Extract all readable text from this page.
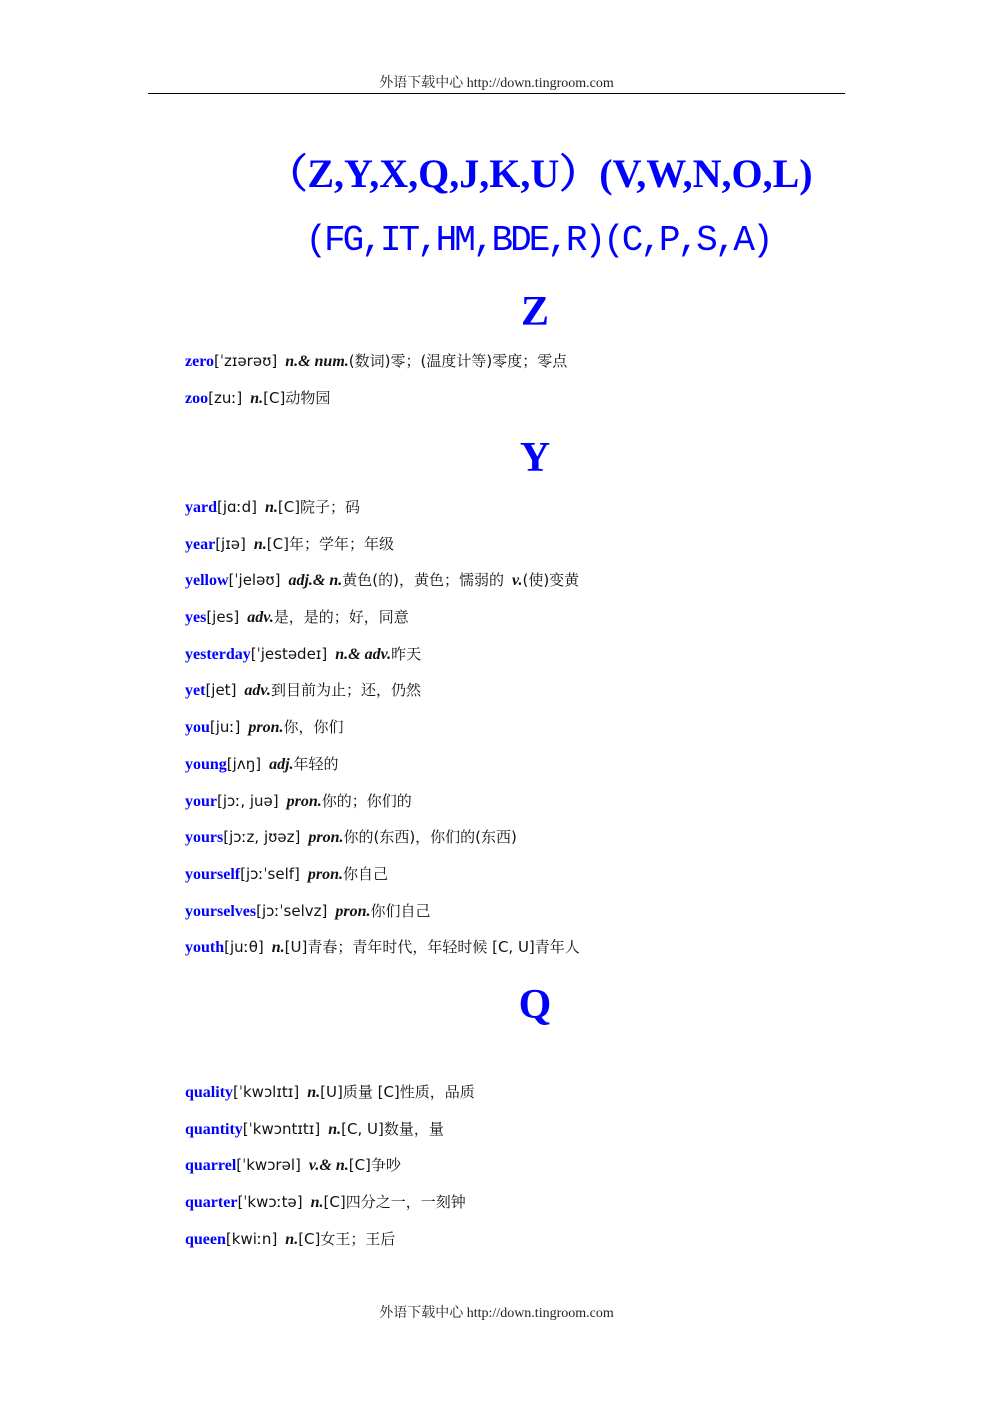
外语下载中心 http://down.tingroom.com
（Z,Y,X,Q,J,K,U）(V,W,N,O,L)
(FG,IT,HM,BDE,R)(C,P,S,A)
Z
zero[ˈzɪərəʊ] n.& num.(数词)零；(温度计等)零度；零点
zoo[zuː] n.[C]动物园
Y
yard[jɑːd] n.[C]院子；码
year[jɪə] n.[C]年；学年；年级
yellow[ˈjeləʊ] adj.& n.黄色(的)，黄色；懦弱的 v.(使)变黄
yes[jes] adv.是，是的；好，同意
yesterday[ˈjestədeɪ] n.& adv.昨天
yet[jet] adv.到目前为止；还，仍然
you[juː] pron.你，你们
young[jʌŋ] adj.年轻的
your[jɔː, juə] pron.你的；你们的
yours[jɔːz, jʊəz] pron.你的(东西)，你们的(东西)
yourself[jɔːˈself] pron.你自己
yourselves[jɔːˈselvz] pron.你们自己
youth[juːθ] n.[U]青春；青年时代，年轻时候 [C, U]青年人
Q
quality[ˈkwɔlɪtɪ] n.[U]质量 [C]性质，品质
quantity[ˈkwɔntɪtɪ] n.[C, U]数量，量
quarrel[ˈkwɔrəl] v.& n.[C]争吵
quarter[ˈkwɔːtə] n.[C]四分之一，一刻钟
queen[kwiːn] n.[C]女王；王后
外语下载中心 http://down.tingroom.com
